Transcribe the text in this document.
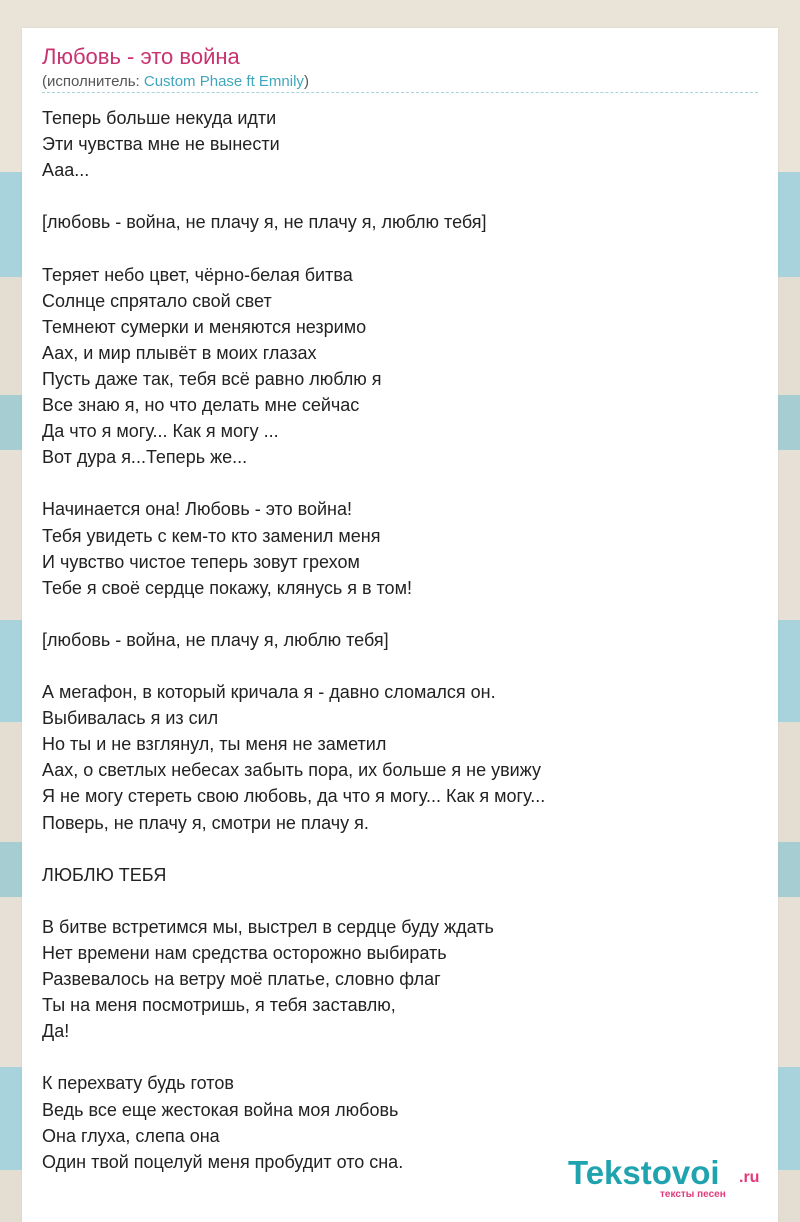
Любовь - это война
(исполнитель: Custom Phase ft Emnily)
Теперь больше некуда идти
Эти чувства мне не вынести
Ааа...
[любовь - война, не плачу я, не плачу я, люблю тебя]
Теряет небо цвет, чёрно-белая битва
Солнце спрятало свой свет
Темнеют сумерки и меняются незримо
Аах, и мир плывёт в моих глазах
Пусть даже так, тебя всё равно люблю я
Все знаю я, но что делать мне сейчас
Да что я могу... Как я могу ...
Вот дура я...Теперь же...
Начинается она! Любовь - это война!
Тебя увидеть с кем-то кто заменил меня
И чувство чистое теперь зовут грехом
Тебе я своё сердце покажу, клянусь я в том!
[любовь - война, не плачу я, люблю тебя]
А мегафон, в который кричала я - давно сломался он.
Выбивалась я из сил
Но ты и не взглянул, ты меня не заметил
Аах, о светлых небесах забыть пора, их больше я не увижу
Я не могу стереть свою любовь, да что я могу... Как я могу...
Поверь, не плачу я, смотри не плачу я.
ЛЮБЛЮ ТЕБЯ
В битве встретимся мы, выстрел в сердце буду ждать
Нет времени нам средства осторожно выбирать
Развевалось на ветру моё платье, словно флаг
Ты на меня посмотришь, я тебя заставлю,
Да!
К перехвату будь готов
Ведь все еще жестокая война моя любовь
Она глуха, слепа она
Один твой поцелуй меня пробудит ото сна.	Tekstovoi .ru
тексты песен
